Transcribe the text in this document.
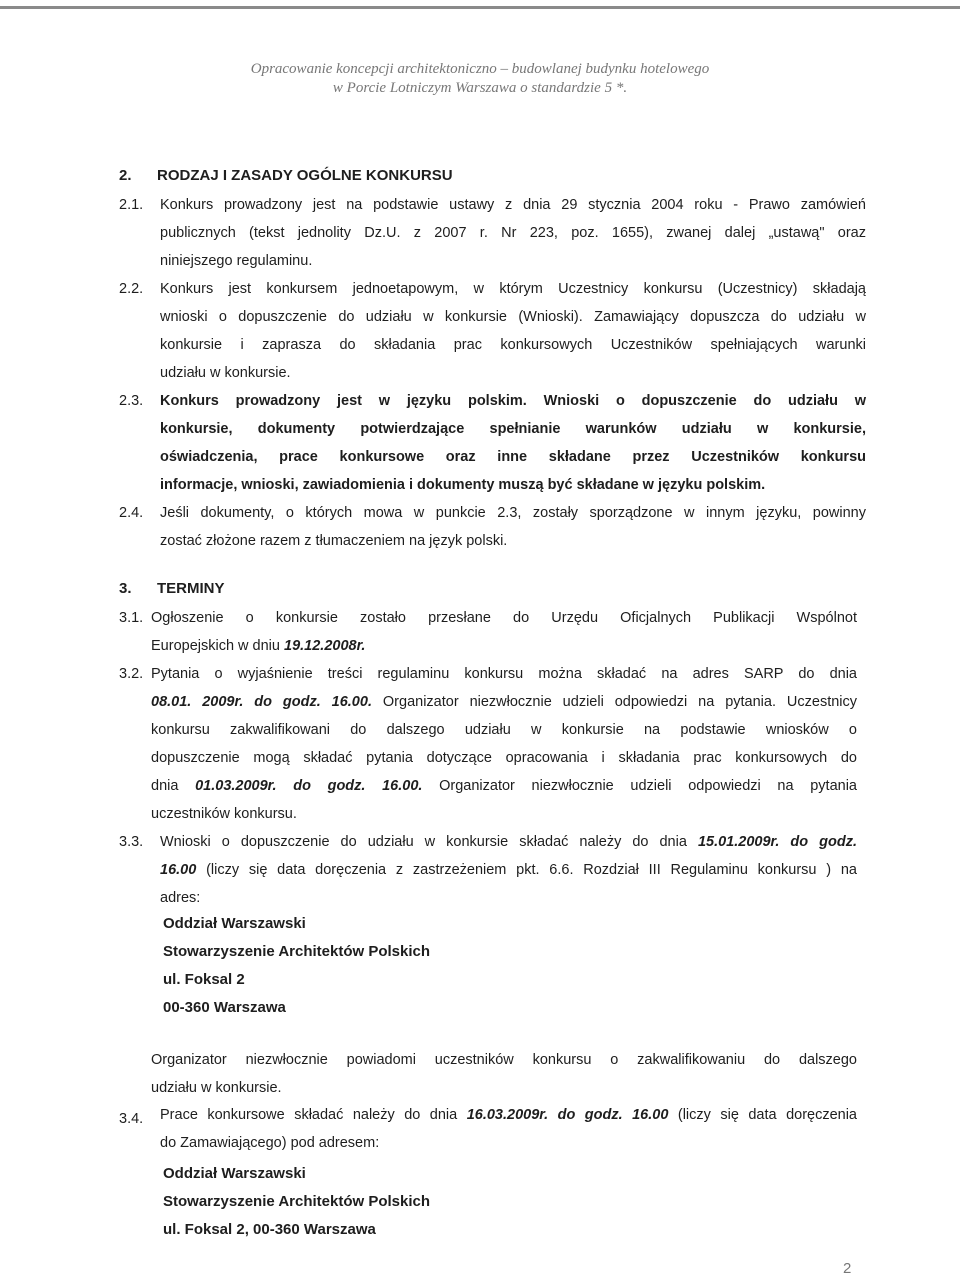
Opracowanie koncepcji architektonicznо – budowlanej budynku hotelowego
w Porcie Lotniczym Warszawa o standardzie 5 *.
2. RODZAJ I ZASADY OGÓLNE KONKURSU
2.1. Konkurs prowadzony jest na podstawie ustawy z dnia 29 stycznia 2004 roku - Prawo zamówień
publicznych (tekst jednolity Dz.U. z 2007 r. Nr 223, poz. 1655), zwanej dalej „ustawą" oraz
niniejszego regulaminu.
2.2. Konkurs jest konkursem jednoetapowym, w którym Uczestnicy konkursu (Uczestnicy) składają
wnioski o dopuszczenie do udziału w konkursie (Wnioski). Zamawiający dopuszcza do udziału w
konkursie i zaprasza do składania prac konkursowych Uczestników spełniających warunki
udziału w konkursie.
2.3. Konkurs prowadzony jest w języku polskim. Wnioski o dopuszczenie do udziału w
konkursie, dokumenty potwierdzające spełnianie warunków udziału w konkursie,
oświadczenia, prace konkursowe oraz inne składane przez Uczestników konkursu
informacje, wnioski, zawiadomienia i dokumenty muszą być składane w języku polskim.
2.4. Jeśli dokumenty, o których mowa w punkcie 2.3, zostały sporządzone w innym języku, powinny
zostać złożone razem z tłumaczeniem na język polski.
3. TERMINY
3.1. Ogłoszenie o konkursie zostało przesłane do Urzędu Oficjalnych Publikacji Wspólnot
Europejskich w dniu 19.12.2008r.
3.2. Pytania o wyjaśnienie treści regulaminu konkursu można składać na adres SARP do dnia
08.01. 2009r. do godz. 16.00. Organizator niezwłocznie udzieli odpowiedzi na pytania. Uczestnicy
konkursu zakwalifikowani do dalszego udziału w konkursie na podstawie wniosków o
dopuszczenie mogą składać pytania dotyczące opracowania i składania prac konkursowych do
dnia 01.03.2009r. do godz. 16.00. Organizator niezwłocznie udzieli odpowiedzi na pytania
uczestników konkursu.
3.3. Wnioski o dopuszczenie do udziału w konkursie składać należy do dnia 15.01.2009r. do godz.
16.00 (liczy się data doręczenia z zastrzeżeniem pkt. 6.6. Rozdział III Regulaminu konkursu ) na
adres:
Oddział Warszawski
Stowarzyszenie Architektów Polskich
ul. Foksal 2
00-360 Warszawa
Organizator niezwłocznie powiadomi uczestników konkursu o zakwalifikowaniu do dalszego
udziału w konkursie.
3.4. Prace konkursowe składać należy do dnia 16.03.2009r. do godz. 16.00 (liczy się data doręczenia
do Zamawiającego) pod adresem:
Oddział Warszawski
Stowarzyszenie Architektów Polskich
ul. Foksal 2, 00-360 Warszawa
2
